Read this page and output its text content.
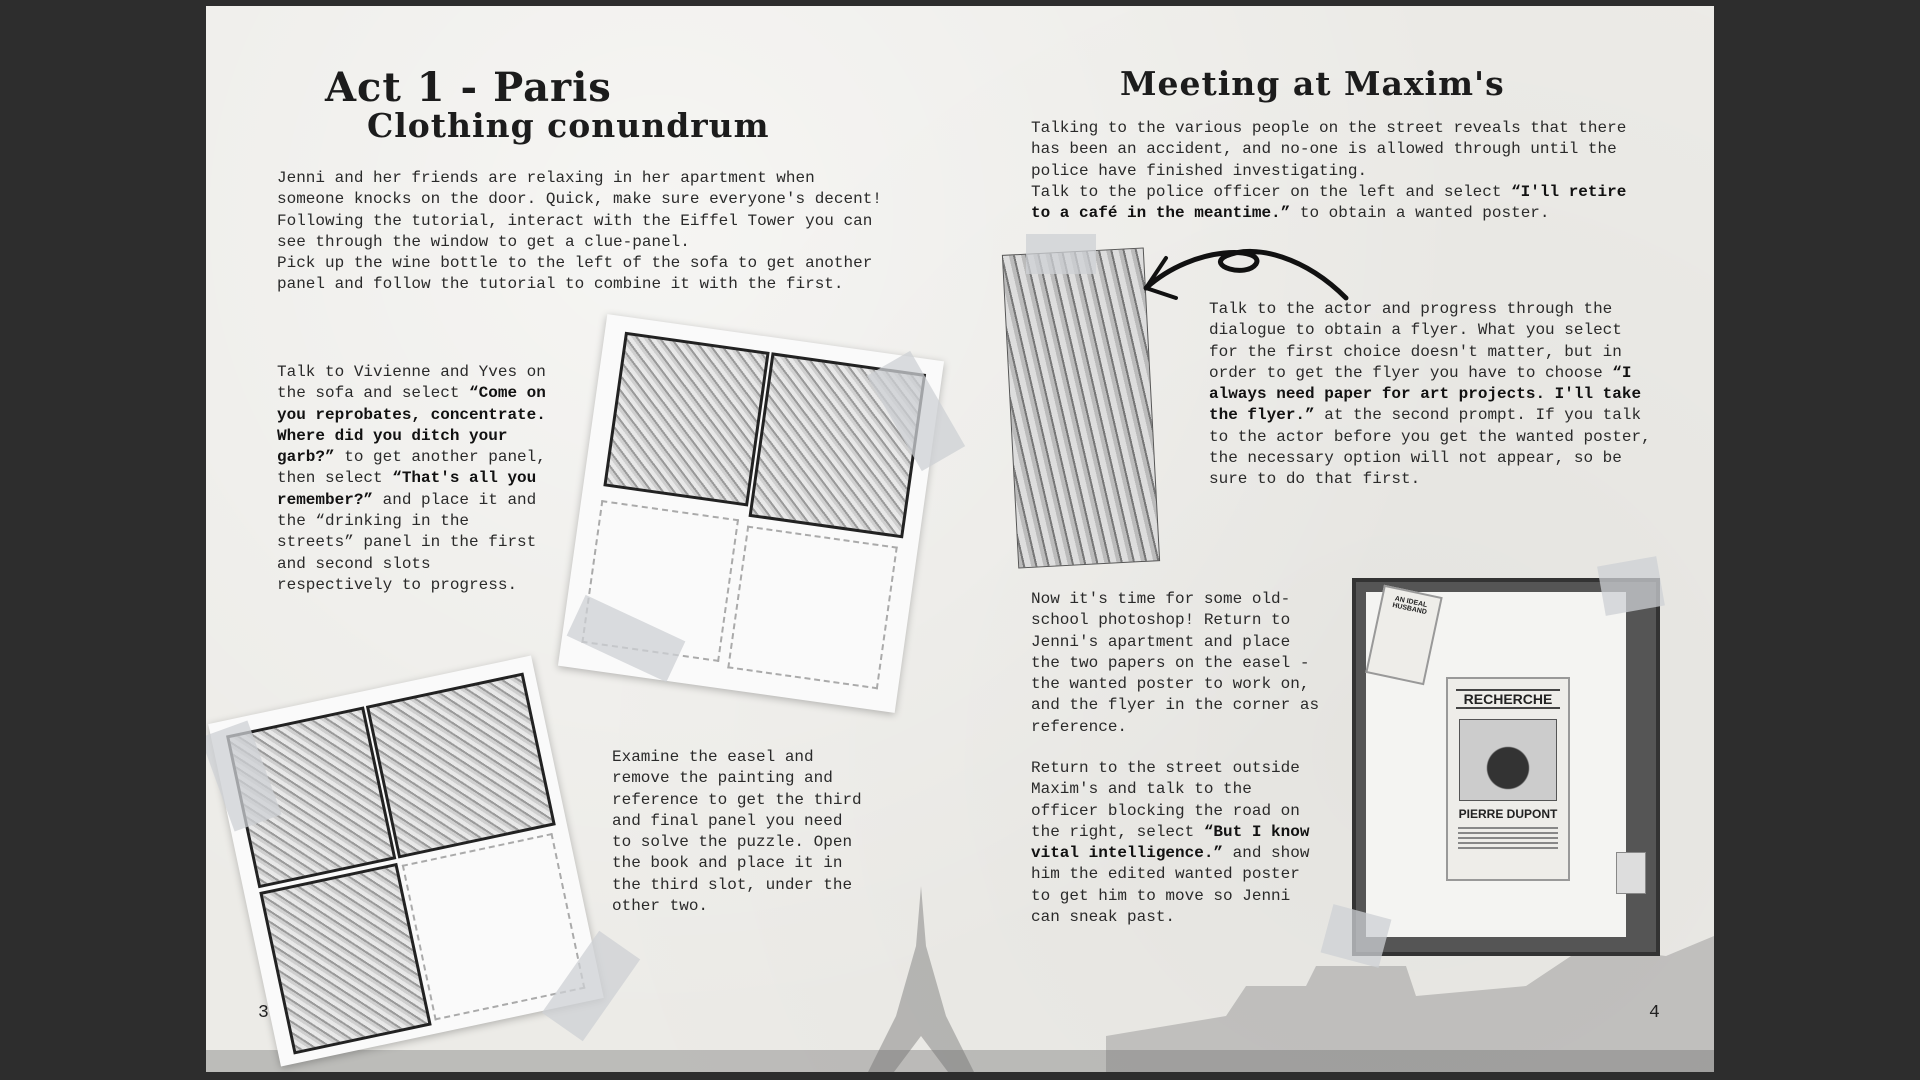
Act 1 - Paris
Clothing conundrum

Jenni and her friends are relaxing in her apartment when someone knocks on the door. Quick, make sure everyone's decent!
Following the tutorial, interact with the Eiffel Tower you can see through the window to get a clue-panel.
Pick up the wine bottle to the left of the sofa to get another panel and follow the tutorial to combine it with the first.

Talk to Vivienne and Yves on the sofa and select “Come on you reprobates, concentrate. Where did you ditch your garb?” to get another panel, then select “That's all you remember?” and place it and the “drinking in the streets” panel in the first and second slots respectively to progress.

Examine the easel and remove the painting and reference to get the third and final panel you need to solve the puzzle. Open the book and place it in the third slot, under the other two.

3
Meeting at Maxim's

Talking to the various people on the street reveals that there has been an accident, and no-one is allowed through until the police have finished investigating.
Talk to the police officer on the left and select “I'll retire to a café in the meantime.” to obtain a wanted poster.

Talk to the actor and progress through the dialogue to obtain a flyer. What you select for the first choice doesn't matter, but in order to get the flyer you have to choose “I always need paper for art projects. I'll take the flyer.” at the second prompt. If you talk to the actor before you get the wanted poster, the necessary option will not appear, so be sure to do that first.

Now it's time for some old-school photoshop! Return to Jenni's apartment and place the two papers on the easel - the wanted poster to work on, and the flyer in the corner as reference.

Return to the street outside Maxim's and talk to the officer blocking the road on the right, select “But I know vital intelligence.” and show him the edited wanted poster to get him to move so Jenni can sneak past.

AN IDEAL HUSBAND
RECHERCHE
PIERRE DUPONT
4
